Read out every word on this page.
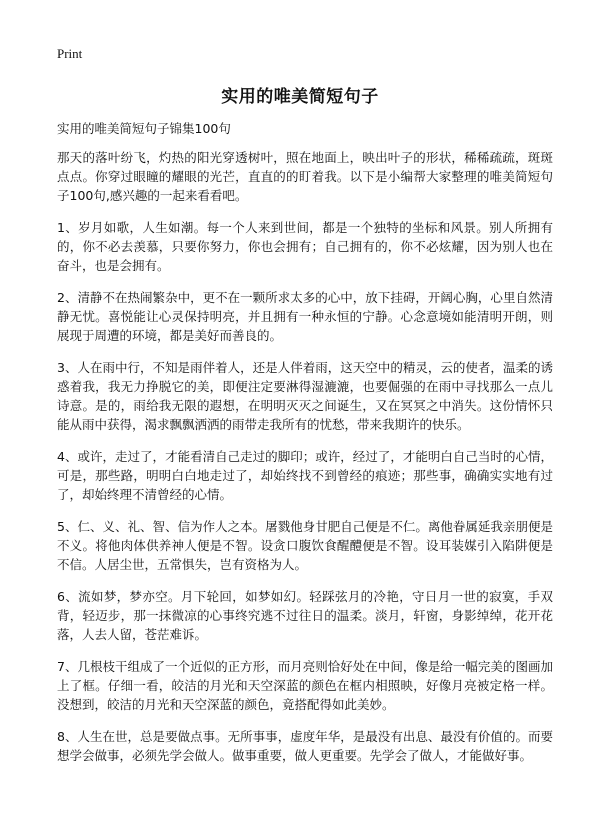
Print
实用的唯美简短句子
实用的唯美简短句子锦集100句

那天的落叶纷飞，灼热的阳光穿透树叶，照在地面上，映出叶子的形状，稀稀疏疏，斑斑点点。你穿过眼瞳的耀眼的光芒，直直的的盯着我。以下是小编帮大家整理的唯美简短句子100句,感兴趣的一起来看看吧。

1、岁月如歌，人生如潮。每一个人来到世间，都是一个独特的坐标和风景。别人所拥有的，你不必去羡慕，只要你努力，你也会拥有；自己拥有的，你不必炫耀，因为别人也在奋斗，也是会拥有。

2、清静不在热闹繁杂中，更不在一颗所求太多的心中，放下挂碍，开阔心胸，心里自然清静无忧。喜悦能让心灵保持明亮，并且拥有一种永恒的宁静。心念意境如能清明开朗，则展现于周遭的环境，都是美好而善良的。

3、人在雨中行，不知是雨伴着人，还是人伴着雨，这天空中的精灵，云的使者，温柔的诱惑着我，我无力挣脱它的美，即便注定要淋得湿漉漉，也要倔强的在雨中寻找那么一点儿诗意。是的，雨给我无限的遐想，在明明灭灭之间诞生，又在冥冥之中消失。这份情怀只能从雨中获得，渴求飘飘洒洒的雨带走我所有的忧愁，带来我期许的快乐。

4、或许，走过了，才能看清自己走过的脚印；或许，经过了，才能明白自己当时的心情，可是，那些路，明明白白地走过了，却始终找不到曾经的痕迹；那些事，确确实实地有过了，却始终理不清曾经的心情。

5、仁、义、礼、智、信为作人之本。屠戮他身甘肥自己便是不仁。离他眷属延我亲朋便是不义。将他肉体供养神人便是不智。设贪口腹饮食醒醴便是不智。设耳装媒引入陷阱便是不信。人居尘世，五常惧失，岂有资格为人。

6、流如梦，梦亦空。月下轮回，如梦如幻。轻踩弦月的冷艳，守日月一世的寂寞，手双背，轻迈步，那一抹微凉的心事终究逃不过往日的温柔。淡月，轩窗，身影绰绰，花开花落，人去人留，苍茫难诉。

7、几根枝干组成了一个近似的正方形，而月亮则恰好处在中间，像是给一幅完美的图画加上了框。仔细一看，皎洁的月光和天空深蓝的颜色在框内相照映，好像月亮被定格一样。没想到，皎洁的月光和天空深蓝的颜色，竟搭配得如此美妙。

8、人生在世，总是要做点事。无所事事，虚度年华，是最没有出息、最没有价值的。而要想学会做事，必须先学会做人。做事重要，做人更重要。先学会了做人，才能做好事。
